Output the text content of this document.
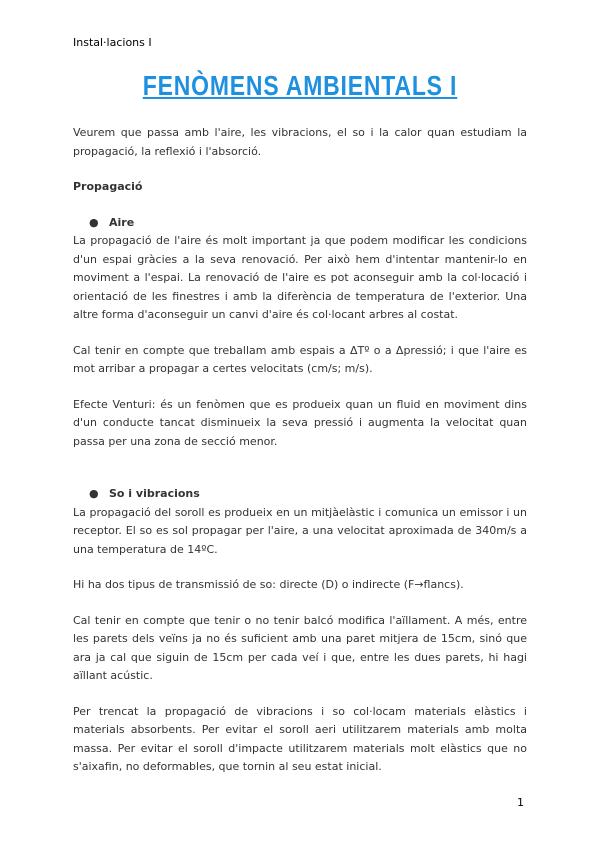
Instal·lacions I
FENÒMENS AMBIENTALS I

Veurem que passa amb l'aire, les vibracions, el so i la calor quan estudiam la propagació, la reflexió i l'absorció.

Propagació

● Aire

La propagació de l'aire és molt important ja que podem modificar les condicions d'un espai gràcies a la seva renovació. Per això hem d'intentar mantenir-lo en moviment a l'espai. La renovació de l'aire es pot aconseguir amb la col·locació i orientació de les finestres i amb la diferència de temperatura de l'exterior. Una altre forma d'aconseguir un canvi d'aire és col·locant arbres al costat.

Cal tenir en compte que treballam amb espais a ΔTº o a Δpressió; i que l'aire es mot arribar a propagar a certes velocitats (cm/s; m/s).

Efecte Venturi: és un fenòmen que es produeix quan un fluid en moviment dins d'un conducte tancat disminueix la seva pressió i augmenta la velocitat quan passa per una zona de secció menor.

● So i vibracions

La propagació del soroll es produeix en un mitjàelàstic i comunica un emissor i un receptor. El so es sol propagar per l'aire, a una velocitat aproximada de 340m/s a una temperatura de 14ºC.

Hi ha dos tipus de transmissió de so: directe (D) o indirecte (F→flancs).

Cal tenir en compte que tenir o no tenir balcó modifica l'aïllament. A més, entre les parets dels veïns ja no és suficient amb una paret mitjera de 15cm, sinó que ara ja cal que siguin de 15cm per cada veí i que, entre les dues parets, hi hagi aïllant acústic.

Per trencat la propagació de vibracions i so col·locam materials elàstics i materials absorbents. Per evitar el soroll aeri utilitzarem materials amb molta massa. Per evitar el soroll d'impacte utilitzarem materials molt elàstics que no s'aixafin, no deformables, que tornin al seu estat inicial.

1
